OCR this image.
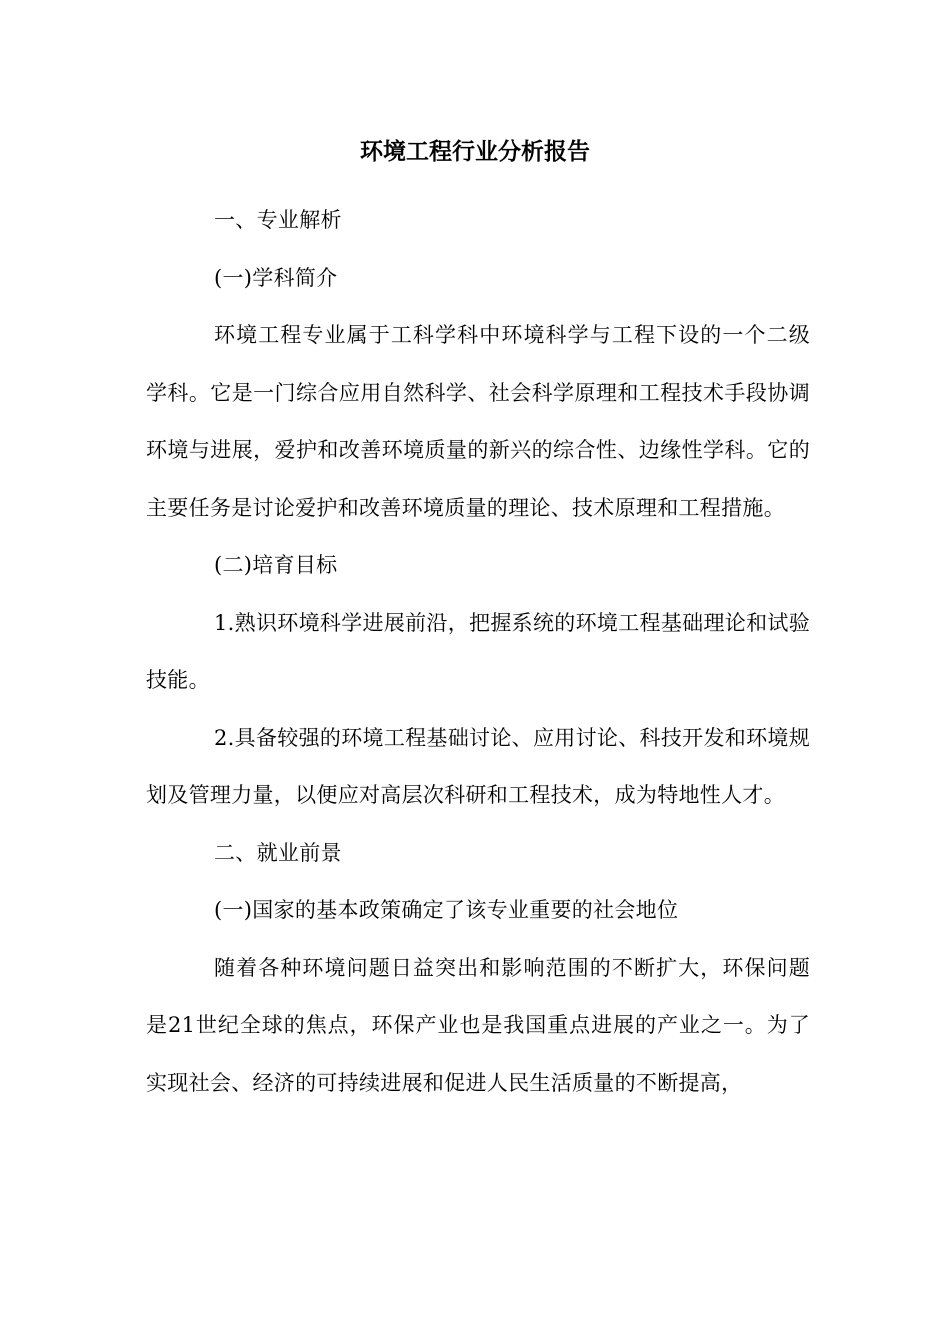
环境工程行业分析报告

一、专业解析

(一)学科简介

环境工程专业属于工科学科中环境科学与工程下设的一个二级学科。它是一门综合应用自然科学、社会科学原理和工程技术手段协调环境与进展，爱护和改善环境质量的新兴的综合性、边缘性学科。它的主要任务是讨论爱护和改善环境质量的理论、技术原理和工程措施。

(二)培育目标

1.熟识环境科学进展前沿，把握系统的环境工程基础理论和试验技能。

2.具备较强的环境工程基础讨论、应用讨论、科技开发和环境规划及管理力量，以便应对高层次科研和工程技术，成为特地性人才。

二、就业前景

(一)国家的基本政策确定了该专业重要的社会地位

随着各种环境问题日益突出和影响范围的不断扩大，环保问题是21世纪全球的焦点，环保产业也是我国重点进展的产业之一。为了实现社会、经济的可持续进展和促进人民生活质量的不断提高，
